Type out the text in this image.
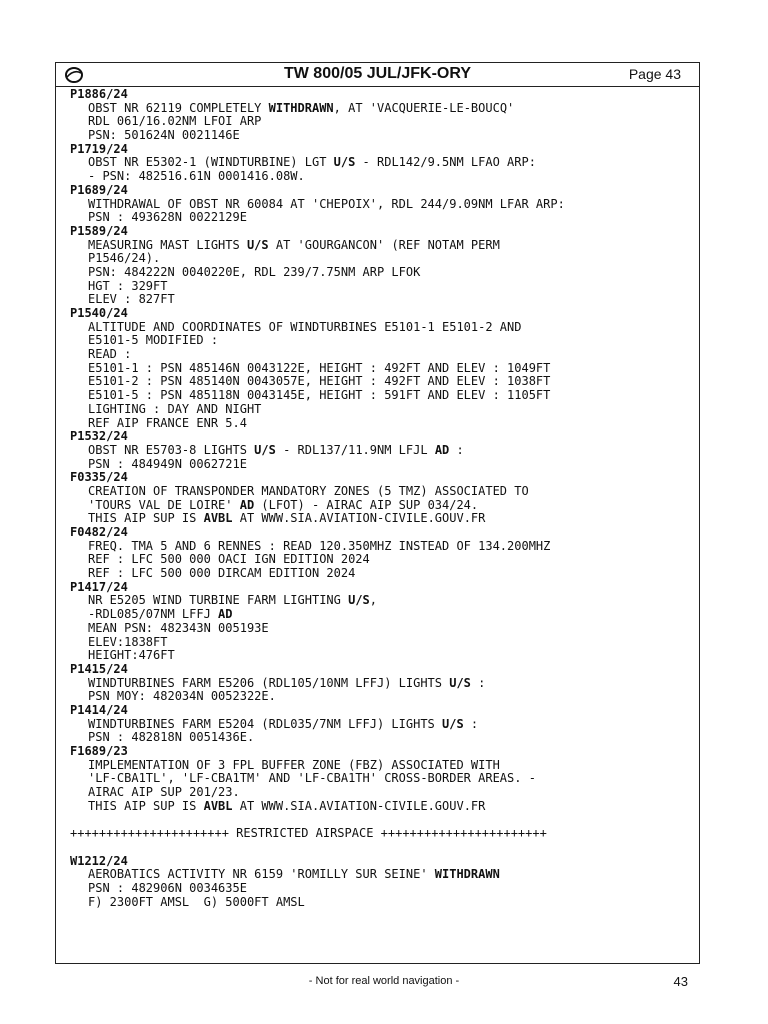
TW 800/05 JUL/JFK-ORY	Page 43
P1886/24
OBST NR 62119 COMPLETELY WITHDRAWN, AT 'VACQUERIE-LE-BOUCQ'
RDL 061/16.02NM LFOI ARP
PSN: 501624N 0021146E
P1719/24
OBST NR E5302-1 (WINDTURBINE) LGT U/S - RDL142/9.5NM LFAO ARP:
- PSN: 482516.61N 0001416.08W.
P1689/24
WITHDRAWAL OF OBST NR 60084 AT 'CHEPOIX', RDL 244/9.09NM LFAR ARP:
PSN : 493628N 0022129E
P1589/24
MEASURING MAST LIGHTS U/S AT 'GOURGANCON' (REF NOTAM PERM
P1546/24).
PSN: 484222N 0040220E, RDL 239/7.75NM ARP LFOK
HGT : 329FT
ELEV : 827FT
P1540/24
ALTITUDE AND COORDINATES OF WINDTURBINES E5101-1 E5101-2 AND
E5101-5 MODIFIED :
READ :
E5101-1 : PSN 485146N 0043122E, HEIGHT : 492FT AND ELEV : 1049FT
E5101-2 : PSN 485140N 0043057E, HEIGHT : 492FT AND ELEV : 1038FT
E5101-5 : PSN 485118N 0043145E, HEIGHT : 591FT AND ELEV : 1105FT
LIGHTING : DAY AND NIGHT
REF AIP FRANCE ENR 5.4
P1532/24
OBST NR E5703-8 LIGHTS U/S - RDL137/11.9NM LFJL AD :
PSN : 484949N 0062721E
F0335/24
CREATION OF TRANSPONDER MANDATORY ZONES (5 TMZ) ASSOCIATED TO
'TOURS VAL DE LOIRE' AD (LFOT) - AIRAC AIP SUP 034/24.
THIS AIP SUP IS AVBL AT WWW.SIA.AVIATION-CIVILE.GOUV.FR
F0482/24
FREQ. TMA 5 AND 6 RENNES : READ 120.350MHZ INSTEAD OF 134.200MHZ
REF : LFC 500 000 OACI IGN EDITION 2024
REF : LFC 500 000 DIRCAM EDITION 2024
P1417/24
NR E5205 WIND TURBINE FARM LIGHTING U/S,
-RDL085/07NM LFFJ AD
MEAN PSN: 482343N 005193E
ELEV:1838FT
HEIGHT:476FT
P1415/24
WINDTURBINES FARM E5206 (RDL105/10NM LFFJ) LIGHTS U/S :
PSN MOY: 482034N 0052322E.
P1414/24
WINDTURBINES FARM E5204 (RDL035/7NM LFFJ) LIGHTS U/S :
PSN : 482818N 0051436E.
F1689/23
IMPLEMENTATION OF 3 FPL BUFFER ZONE (FBZ) ASSOCIATED WITH
'LF-CBA1TL', 'LF-CBA1TM' AND 'LF-CBA1TH' CROSS-BORDER AREAS. -
AIRAC AIP SUP 201/23.
THIS AIP SUP IS AVBL AT WWW.SIA.AVIATION-CIVILE.GOUV.FR
++++++++++++++++++++++ RESTRICTED AIRSPACE +++++++++++++++++++++++
W1212/24
AEROBATICS ACTIVITY NR 6159 'ROMILLY SUR SEINE' WITHDRAWN
PSN : 482906N 0034635E
F) 2300FT AMSL  G) 5000FT AMSL
- Not for real world navigation -	43
